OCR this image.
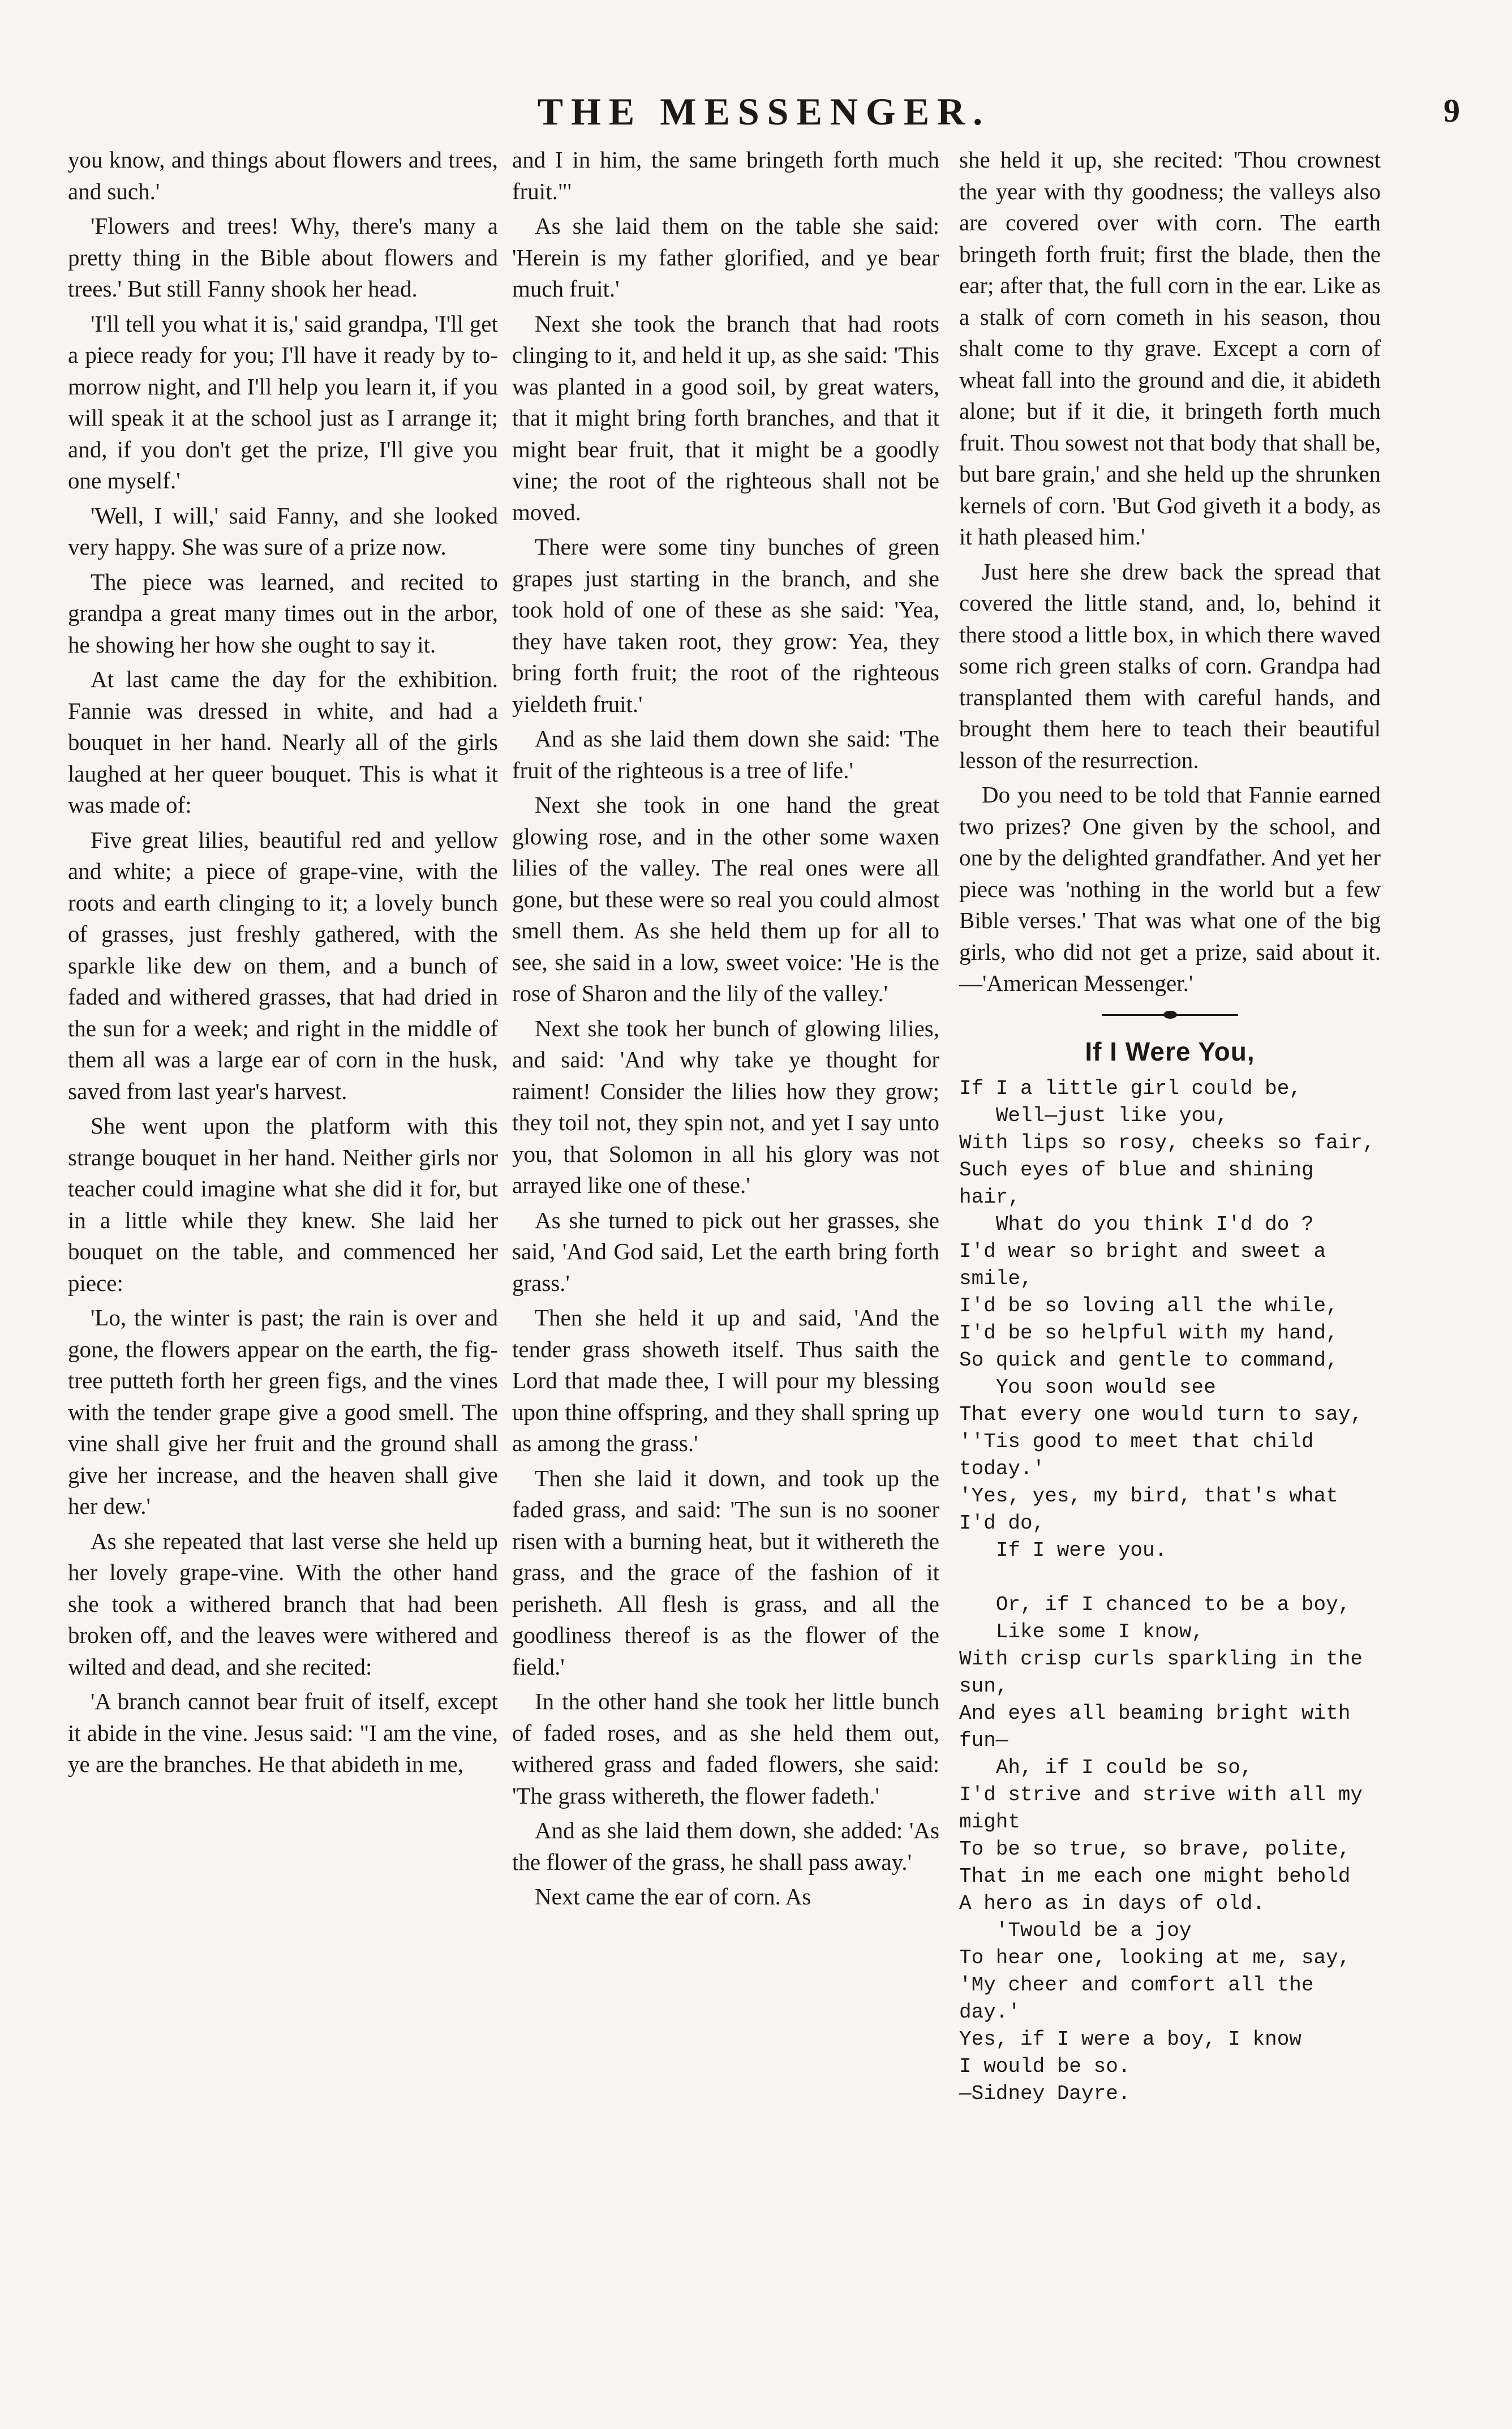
THE MESSENGER.	9

you know, and things about flowers and trees, and such.'

'Flowers and trees! Why, there's many a pretty thing in the Bible about flowers and trees.' But still Fanny shook her head.

'I'll tell you what it is,' said grandpa, 'I'll get a piece ready for you; I'll have it ready by to-morrow night, and I'll help you learn it, if you will speak it at the school just as I arrange it; and, if you don't get the prize, I'll give you one myself.'

'Well, I will,' said Fanny, and she looked very happy. She was sure of a prize now.

The piece was learned, and recited to grandpa a great many times out in the arbor, he showing her how she ought to say it.

At last came the day for the exhibition. Fannie was dressed in white, and had a bouquet in her hand. Nearly all of the girls laughed at her queer bouquet. This is what it was made of:

Five great lilies, beautiful red and yellow and white; a piece of grape-vine, with the roots and earth clinging to it; a lovely bunch of grasses, just freshly gathered, with the sparkle like dew on them, and a bunch of faded and withered grasses, that had dried in the sun for a week; and right in the middle of them all was a large ear of corn in the husk, saved from last year's harvest.

She went upon the platform with this strange bouquet in her hand. Neither girls nor teacher could imagine what she did it for, but in a little while they knew. She laid her bouquet on the table, and commenced her piece:

'Lo, the winter is past; the rain is over and gone, the flowers appear on the earth, the fig-tree putteth forth her green figs, and the vines with the tender grape give a good smell. The vine shall give her fruit and the ground shall give her increase, and the heaven shall give her dew.'

As she repeated that last verse she held up her lovely grape-vine. With the other hand she took a withered branch that had been broken off, and the leaves were withered and wilted and dead, and she recited:

'A branch cannot bear fruit of itself, except it abide in the vine. Jesus said: "I am the vine, ye are the branches. He that abideth in me,

and I in him, the same bringeth forth much fruit."'

As she laid them on the table she said: 'Herein is my father glorified, and ye bear much fruit.'

Next she took the branch that had roots clinging to it, and held it up, as she said: 'This was planted in a good soil, by great waters, that it might bring forth branches, and that it might bear fruit, that it might be a goodly vine; the root of the righteous shall not be moved.

There were some tiny bunches of green grapes just starting in the branch, and she took hold of one of these as she said: 'Yea, they have taken root, they grow: Yea, they bring forth fruit; the root of the righteous yieldeth fruit.'

And as she laid them down she said: 'The fruit of the righteous is a tree of life.'

Next she took in one hand the great glowing rose, and in the other some waxen lilies of the valley. The real ones were all gone, but these were so real you could almost smell them. As she held them up for all to see, she said in a low, sweet voice: 'He is the rose of Sharon and the lily of the valley.'

Next she took her bunch of glowing lilies, and said: 'And why take ye thought for raiment! Consider the lilies how they grow; they toil not, they spin not, and yet I say unto you, that Solomon in all his glory was not arrayed like one of these.'

As she turned to pick out her grasses, she said, 'And God said, Let the earth bring forth grass.'

Then she held it up and said, 'And the tender grass showeth itself. Thus saith the Lord that made thee, I will pour my blessing upon thine offspring, and they shall spring up as among the grass.'

Then she laid it down, and took up the faded grass, and said: 'The sun is no sooner risen with a burning heat, but it withereth the grass, and the grace of the fashion of it perisheth. All flesh is grass, and all the goodliness thereof is as the flower of the field.'

In the other hand she took her little bunch of faded roses, and as she held them out, withered grass and faded flowers, she said: 'The grass withereth, the flower fadeth.'

And as she laid them down, she added: 'As the flower of the grass, he shall pass away.'

Next came the ear of corn. As

she held it up, she recited: 'Thou crownest the year with thy goodness; the valleys also are covered over with corn. The earth bringeth forth fruit; first the blade, then the ear; after that, the full corn in the ear. Like as a stalk of corn cometh in his season, thou shalt come to thy grave. Except a corn of wheat fall into the ground and die, it abideth alone; but if it die, it bringeth forth much fruit. Thou sowest not that body that shall be, but bare grain,' and she held up the shrunken kernels of corn. 'But God giveth it a body, as it hath pleased him.'

Just here she drew back the spread that covered the little stand, and, lo, behind it there stood a little box, in which there waved some rich green stalks of corn. Grandpa had transplanted them with careful hands, and brought them here to teach their beautiful lesson of the resurrection.

Do you need to be told that Fannie earned two prizes? One given by the school, and one by the delighted grandfather. And yet her piece was 'nothing in the world but a few Bible verses.' That was what one of the big girls, who did not get a prize, said about it.—'American Messenger.'

If I Were You,
If I a little girl could be,
Well—just like you,
With lips so rosy, cheeks so fair,
Such eyes of blue and shining hair,
What do you think I'd do ?
I'd wear so bright and sweet a smile,
I'd be so loving all the while,
I'd be so helpful with my hand,
So quick and gentle to command,
You soon would see
That every one would turn to say,
''Tis good to meet that child today.'
'Yes, yes, my bird, that's what I'd do,
If I were you.
Or, if I chanced to be a boy,
Like some I know,
With crisp curls sparkling in the sun,
And eyes all beaming bright with fun—
Ah, if I could be so,
I'd strive and strive with all my might
To be so true, so brave, polite,
That in me each one might behold
A hero as in days of old.
'Twould be a joy
To hear one, looking at me, say,
'My cheer and comfort all the day.'
Yes, if I were a boy, I know
I would be so.
—Sidney Dayre.
